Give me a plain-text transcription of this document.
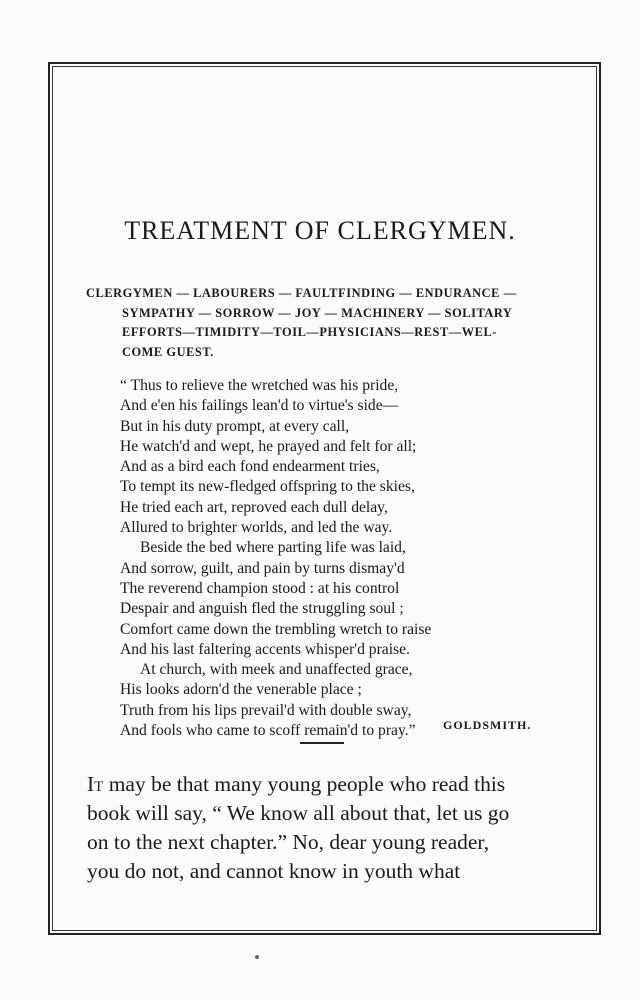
TREATMENT OF CLERGYMEN.
CLERGYMEN — LABOURERS — FAULTFINDING — ENDURANCE —
SYMPATHY — SORROW — JOY — MACHINERY — SOLITARY
EFFORTS—TIMIDITY—TOIL—PHYSICIANS—REST—WEL-
COME GUEST.
“ Thus to relieve the wretched was his pride,
And e'en his failings lean'd to virtue's side—
But in his duty prompt, at every call,
He watch'd and wept, he prayed and felt for all;
And as a bird each fond endearment tries,
To tempt its new-fledged offspring to the skies,
He tried each art, reproved each dull delay,
Allured to brighter worlds, and led the way.
Beside the bed where parting life was laid,
And sorrow, guilt, and pain by turns dismay'd
The reverend champion stood : at his control
Despair and anguish fled the struggling soul ;
Comfort came down the trembling wretch to raise
And his last faltering accents whisper'd praise.
At church, with meek and unaffected grace,
His looks adorn'd the venerable place ;
Truth from his lips prevail'd with double sway,
And fools who came to scoff remain'd to pray.”	GOLDSMITH.
It may be that many young people who read this
book will say, “ We know all about that, let us go
on to the next chapter.” No, dear young reader,
you do not, and cannot know in youth what
